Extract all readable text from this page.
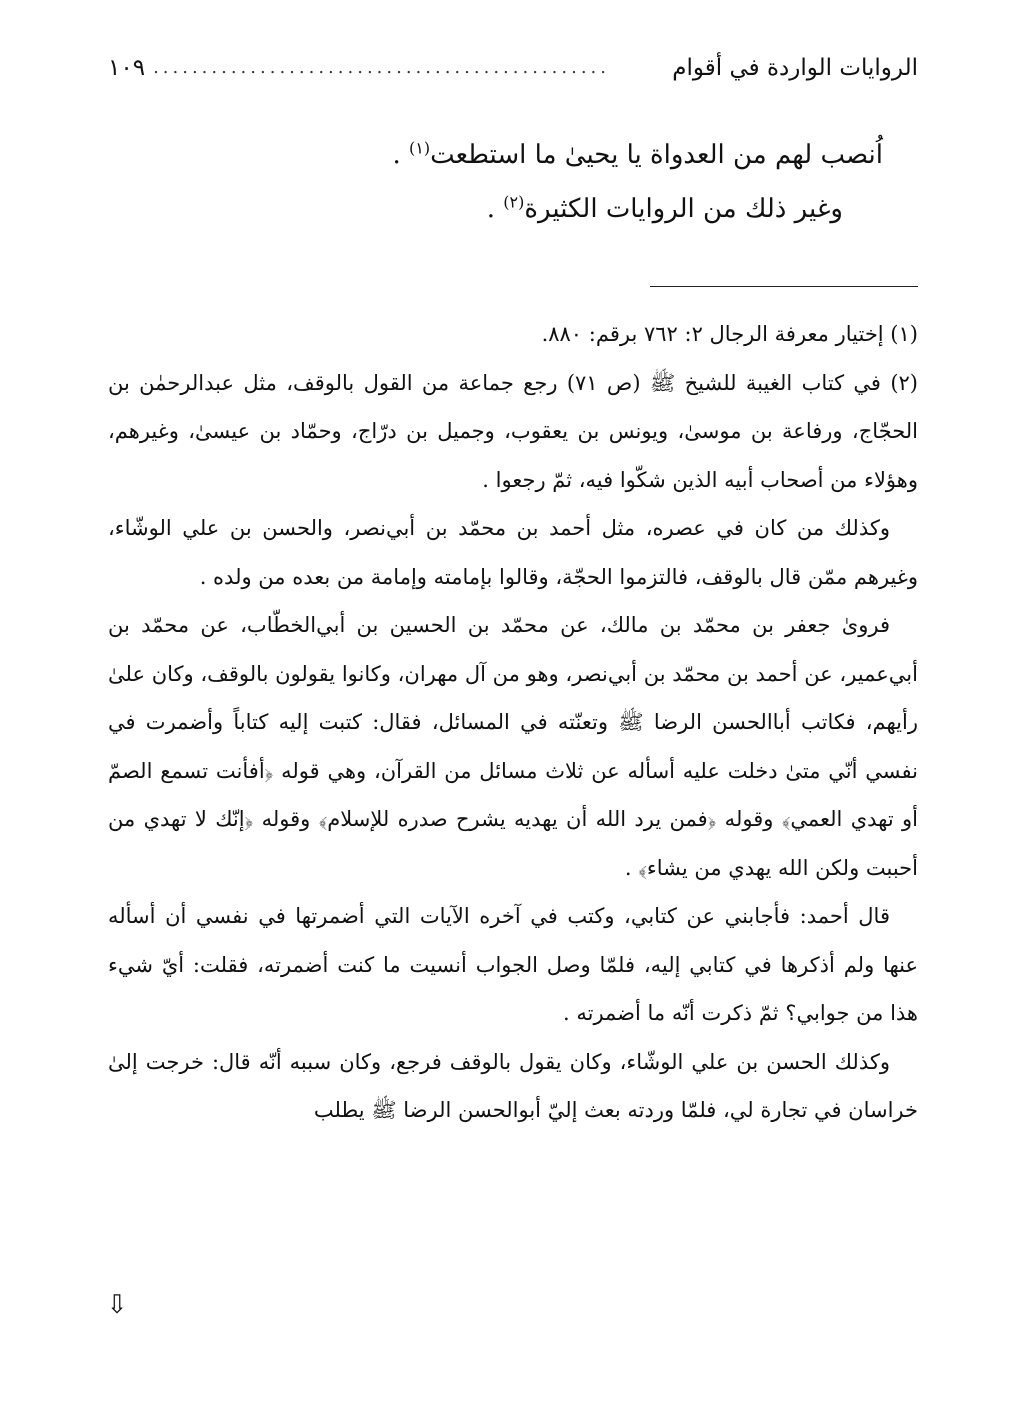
١٠٩ ...............................................	الروايات الواردة في أقوام

اُنصب لهم من العدواة يا يحيىٰ ما استطعت$^{(١)}$ .

وغير ذلك من الروايات الكثيرة$^{(٢)}$ .

(١) إختيار معرفة الرجال ٢: ٧٦٢ برقم: ٨٨٠.

(٢) في كتاب الغيبة للشيخ ﷺ (ص ٧١) رجع جماعة من القول بالوقف، مثل عبدالرحمٰن بن الحجّاج، ورفاعة بن موسىٰ، ويونس بن يعقوب، وجميل بن درّاج، وحمّاد بن عيسىٰ، وغيرهم، وهؤلاء من أصحاب أبيه الذين شكّوا فيه، ثمّ رجعوا .

وكذلك من كان في عصره، مثل أحمد بن محمّد بن أبي‌نصر، والحسن بن علي الوشّاء، وغيرهم ممّن قال بالوقف، فالتزموا الحجّة، وقالوا بإمامته وإمامة من بعده من ولده .

فروىٰ جعفر بن محمّد بن مالك، عن محمّد بن الحسين بن أبي‌الخطّاب، عن محمّد بن أبي‌عمير، عن أحمد بن محمّد بن أبي‌نصر، وهو من آل مهران، وكانوا يقولون بالوقف، وكان علىٰ رأيهم، فكاتب أباالحسن الرضا ﷺ وتعنّته في المسائل، فقال: كتبت إليه كتاباً وأضمرت في نفسي أنّي متىٰ دخلت عليه أسأله عن ثلاث مسائل من القرآن، وهي قوله ﴿أفأنت تسمع الصمّ أو تهدي العمي﴾ وقوله ﴿فمن يرد الله أن يهديه يشرح صدره للإسلام﴾ وقوله ﴿إنّك لا تهدي من أحببت ولكن الله يهدي من يشاء﴾ .

قال أحمد: فأجابني عن كتابي، وكتب في آخره الآيات التي أضمرتها في نفسي أن أسأله عنها ولم أذكرها في كتابي إليه، فلمّا وصل الجواب أنسيت ما كنت أضمرته، فقلت: أيّ شيء هذا من جوابي؟ ثمّ ذكرت أنّه ما أضمرته .

وكذلك الحسن بن علي الوشّاء، وكان يقول بالوقف فرجع، وكان سببه أنّه قال: خرجت إلىٰ خراسان في تجارة لي، فلمّا وردته بعث إليّ أبوالحسن الرضا ﷺ يطلب

⇩
